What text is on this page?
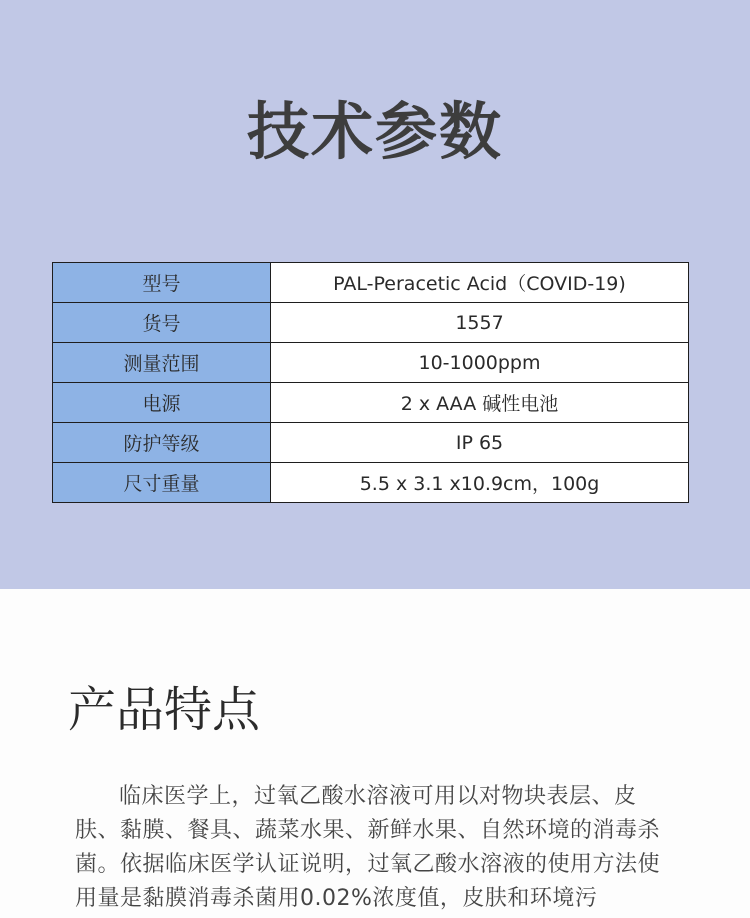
技术参数
型号	PAL-Peracetic Acid（COVID-19)
货号	1557
测量范围	10-1000ppm
电源	2 x AAA 碱性电池
防护等级	IP 65
尺寸重量	5.5 x 3.1 x10.9cm，100g
产品特点
临床医学上，过氧乙酸水溶液可用以对物块表层、皮肤、黏膜、餐具、蔬菜水果、新鲜水果、自然环境的消毒杀菌。依据临床医学认证说明，过氧乙酸水溶液的使用方法使用量是黏膜消毒杀菌用0.02%浓度值，皮肤和环境污
